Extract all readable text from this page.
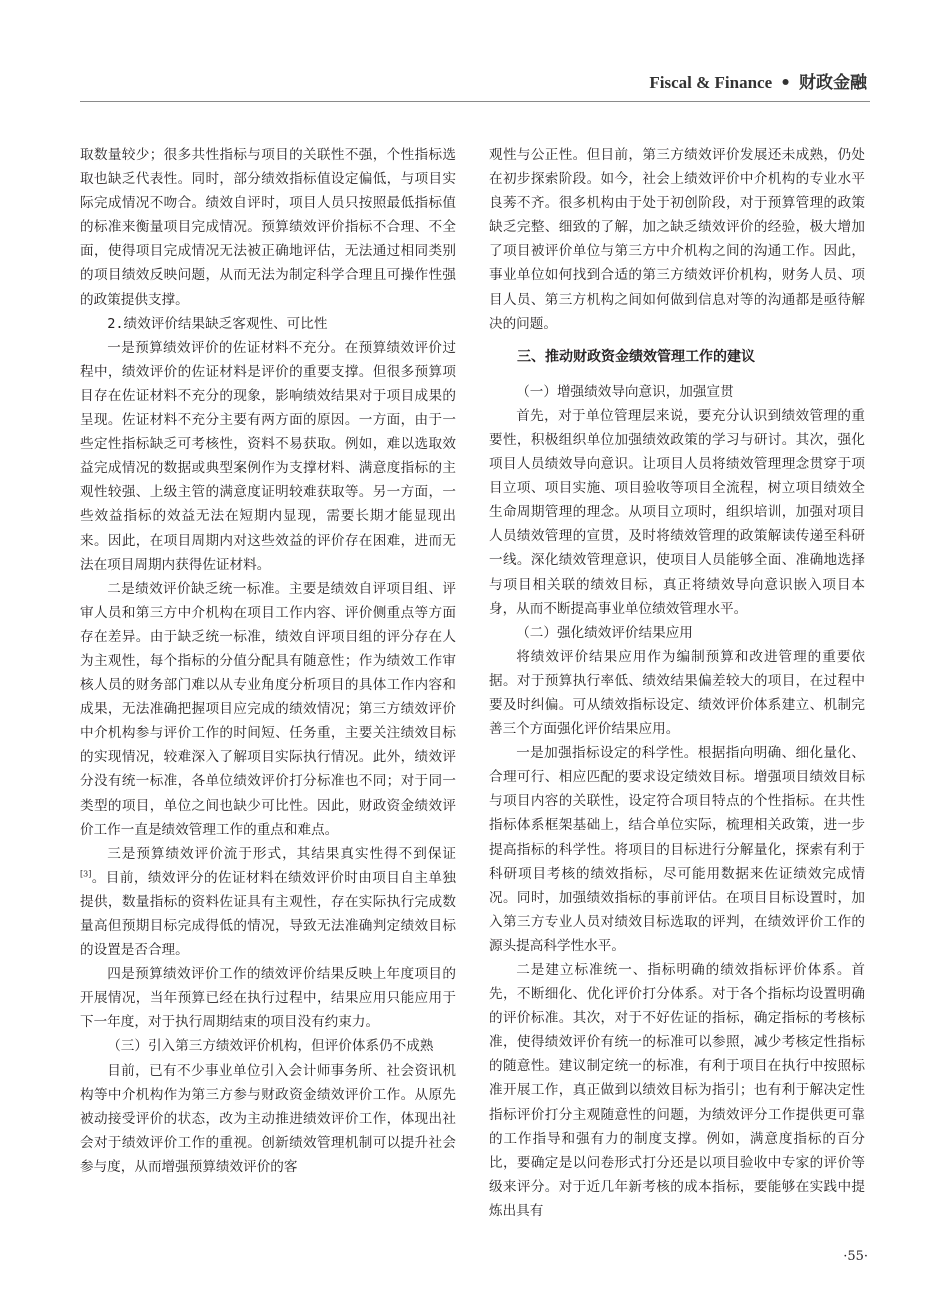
Fiscal & Finance • 财政金融

取数量较少；很多共性指标与项目的关联性不强，个性指标选取也缺乏代表性。同时，部分绩效指标值设定偏低，与项目实际完成情况不吻合。绩效自评时，项目人员只按照最低指标值的标准来衡量项目完成情况。预算绩效评价指标不合理、不全面，使得项目完成情况无法被正确地评估，无法通过相同类别的项目绩效反映问题，从而无法为制定科学合理且可操作性强的政策提供支撑。

2.绩效评价结果缺乏客观性、可比性

一是预算绩效评价的佐证材料不充分。在预算绩效评价过程中，绩效评价的佐证材料是评价的重要支撑。但很多预算项目存在佐证材料不充分的现象，影响绩效结果对于项目成果的呈现。佐证材料不充分主要有两方面的原因。一方面，由于一些定性指标缺乏可考核性，资料不易获取。例如，难以选取效益完成情况的数据或典型案例作为支撑材料、满意度指标的主观性较强、上级主管的满意度证明较难获取等。另一方面，一些效益指标的效益无法在短期内显现，需要长期才能显现出来。因此，在项目周期内对这些效益的评价存在困难，进而无法在项目周期内获得佐证材料。

二是绩效评价缺乏统一标准。主要是绩效自评项目组、评审人员和第三方中介机构在项目工作内容、评价侧重点等方面存在差异。由于缺乏统一标准，绩效自评项目组的评分存在人为主观性，每个指标的分值分配具有随意性；作为绩效工作审核人员的财务部门难以从专业角度分析项目的具体工作内容和成果，无法准确把握项目应完成的绩效情况；第三方绩效评价中介机构参与评价工作的时间短、任务重，主要关注绩效目标的实现情况，较难深入了解项目实际执行情况。此外，绩效评分没有统一标准，各单位绩效评价打分标准也不同；对于同一类型的项目，单位之间也缺少可比性。因此，财政资金绩效评价工作一直是绩效管理工作的重点和难点。

三是预算绩效评价流于形式，其结果真实性得不到保证[3]。目前，绩效评分的佐证材料在绩效评价时由项目自主单独提供，数量指标的资料佐证具有主观性，存在实际执行完成数量高但预期目标完成得低的情况，导致无法准确判定绩效目标的设置是否合理。

四是预算绩效评价工作的绩效评价结果反映上年度项目的开展情况，当年预算已经在执行过程中，结果应用只能应用于下一年度，对于执行周期结束的项目没有约束力。

（三）引入第三方绩效评价机构，但评价体系仍不成熟

目前，已有不少事业单位引入会计师事务所、社会资讯机构等中介机构作为第三方参与财政资金绩效评价工作。从原先被动接受评价的状态，改为主动推进绩效评价工作，体现出社会对于绩效评价工作的重视。创新绩效管理机制可以提升社会参与度，从而增强预算绩效评价的客

观性与公正性。但目前，第三方绩效评价发展还未成熟，仍处在初步探索阶段。如今，社会上绩效评价中介机构的专业水平良莠不齐。很多机构由于处于初创阶段，对于预算管理的政策缺乏完整、细致的了解，加之缺乏绩效评价的经验，极大增加了项目被评价单位与第三方中介机构之间的沟通工作。因此，事业单位如何找到合适的第三方绩效评价机构，财务人员、项目人员、第三方机构之间如何做到信息对等的沟通都是亟待解决的问题。

三、推动财政资金绩效管理工作的建议
（一）增强绩效导向意识，加强宣贯

首先，对于单位管理层来说，要充分认识到绩效管理的重要性，积极组织单位加强绩效政策的学习与研讨。其次，强化项目人员绩效导向意识。让项目人员将绩效管理理念贯穿于项目立项、项目实施、项目验收等项目全流程，树立项目绩效全生命周期管理的理念。从项目立项时，组织培训，加强对项目人员绩效管理的宣贯，及时将绩效管理的政策解读传递至科研一线。深化绩效管理意识，使项目人员能够全面、准确地选择与项目相关联的绩效目标，真正将绩效导向意识嵌入项目本身，从而不断提高事业单位绩效管理水平。

（二）强化绩效评价结果应用

将绩效评价结果应用作为编制预算和改进管理的重要依据。对于预算执行率低、绩效结果偏差较大的项目，在过程中要及时纠偏。可从绩效指标设定、绩效评价体系建立、机制完善三个方面强化评价结果应用。

一是加强指标设定的科学性。根据指向明确、细化量化、合理可行、相应匹配的要求设定绩效目标。增强项目绩效目标与项目内容的关联性，设定符合项目特点的个性指标。在共性指标体系框架基础上，结合单位实际，梳理相关政策，进一步提高指标的科学性。将项目的目标进行分解量化，探索有利于科研项目考核的绩效指标，尽可能用数据来佐证绩效完成情况。同时，加强绩效指标的事前评估。在项目目标设置时，加入第三方专业人员对绩效目标选取的评判，在绩效评价工作的源头提高科学性水平。

二是建立标准统一、指标明确的绩效指标评价体系。首先，不断细化、优化评价打分体系。对于各个指标均设置明确的评价标准。其次，对于不好佐证的指标，确定指标的考核标准，使得绩效评价有统一的标准可以参照，减少考核定性指标的随意性。建议制定统一的标准，有利于项目在执行中按照标准开展工作，真正做到以绩效目标为指引；也有利于解决定性指标评价打分主观随意性的问题，为绩效评分工作提供更可靠的工作指导和强有力的制度支撑。例如，满意度指标的百分比，要确定是以问卷形式打分还是以项目验收中专家的评价等级来评分。对于近几年新考核的成本指标，要能够在实践中提炼出具有

·55·
